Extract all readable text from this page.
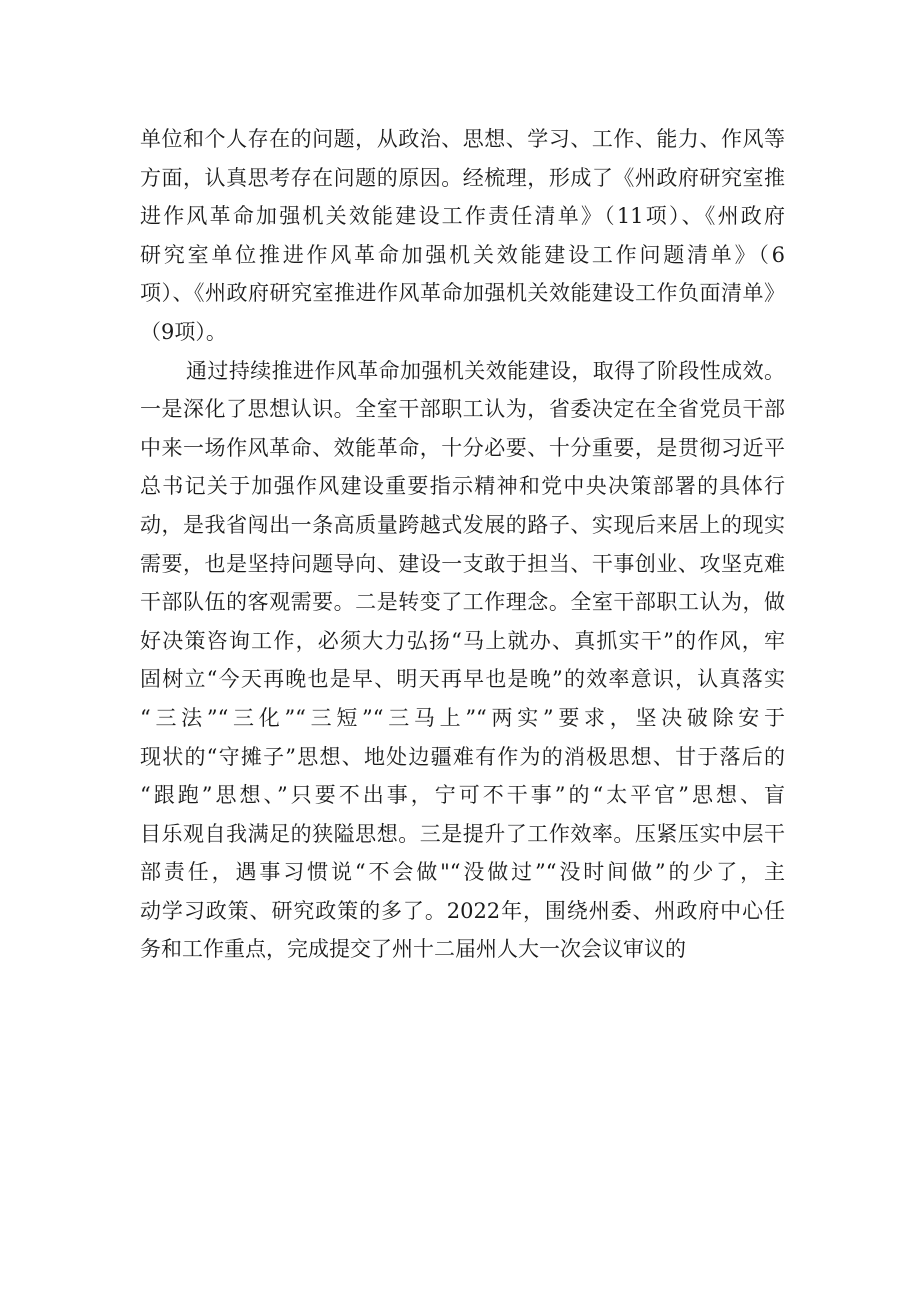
单位和个人存在的问题，从政治、思想、学习、工作、能力、作风等
方面，认真思考存在问题的原因。经梳理，形成了《州政府研究室推
进作风革命加强机关效能建设工作责任清单》（11项）、《州政府
研究室单位推进作风革命加强机关效能建设工作问题清单》（6
项）、《州政府研究室推进作风革命加强机关效能建设工作负面清单》
（9项）。
通过持续推进作风革命加强机关效能建设，取得了阶段性成效。
一是深化了思想认识。全室干部职工认为，省委决定在全省党员干部
中来一场作风革命、效能革命，十分必要、十分重要，是贯彻习近平
总书记关于加强作风建设重要指示精神和党中央决策部署的具体行
动，是我省闯出一条高质量跨越式发展的路子、实现后来居上的现实
需要，也是坚持问题导向、建设一支敢于担当、干事创业、攻坚克难
干部队伍的客观需要。二是转变了工作理念。全室干部职工认为，做
好决策咨询工作，必须大力弘扬“马上就办、真抓实干”的作风，牢
固树立“今天再晚也是早、明天再早也是晚”的效率意识，认真落实
“三法”“三化”“三短”“三马上”“两实”要求，坚决破除安于
现状的“守摊子”思想、地处边疆难有作为的消极思想、甘于落后的
“跟跑”思想、”只要不出事，宁可不干事”的“太平官”思想、盲
目乐观自我满足的狭隘思想。三是提升了工作效率。压紧压实中层干
部责任，遇事习惯说“不会做"“没做过”“没时间做”的少了，主
动学习政策、研究政策的多了。2022年，围绕州委、州政府中心任
务和工作重点，完成提交了州十二届州人大一次会议审议的
